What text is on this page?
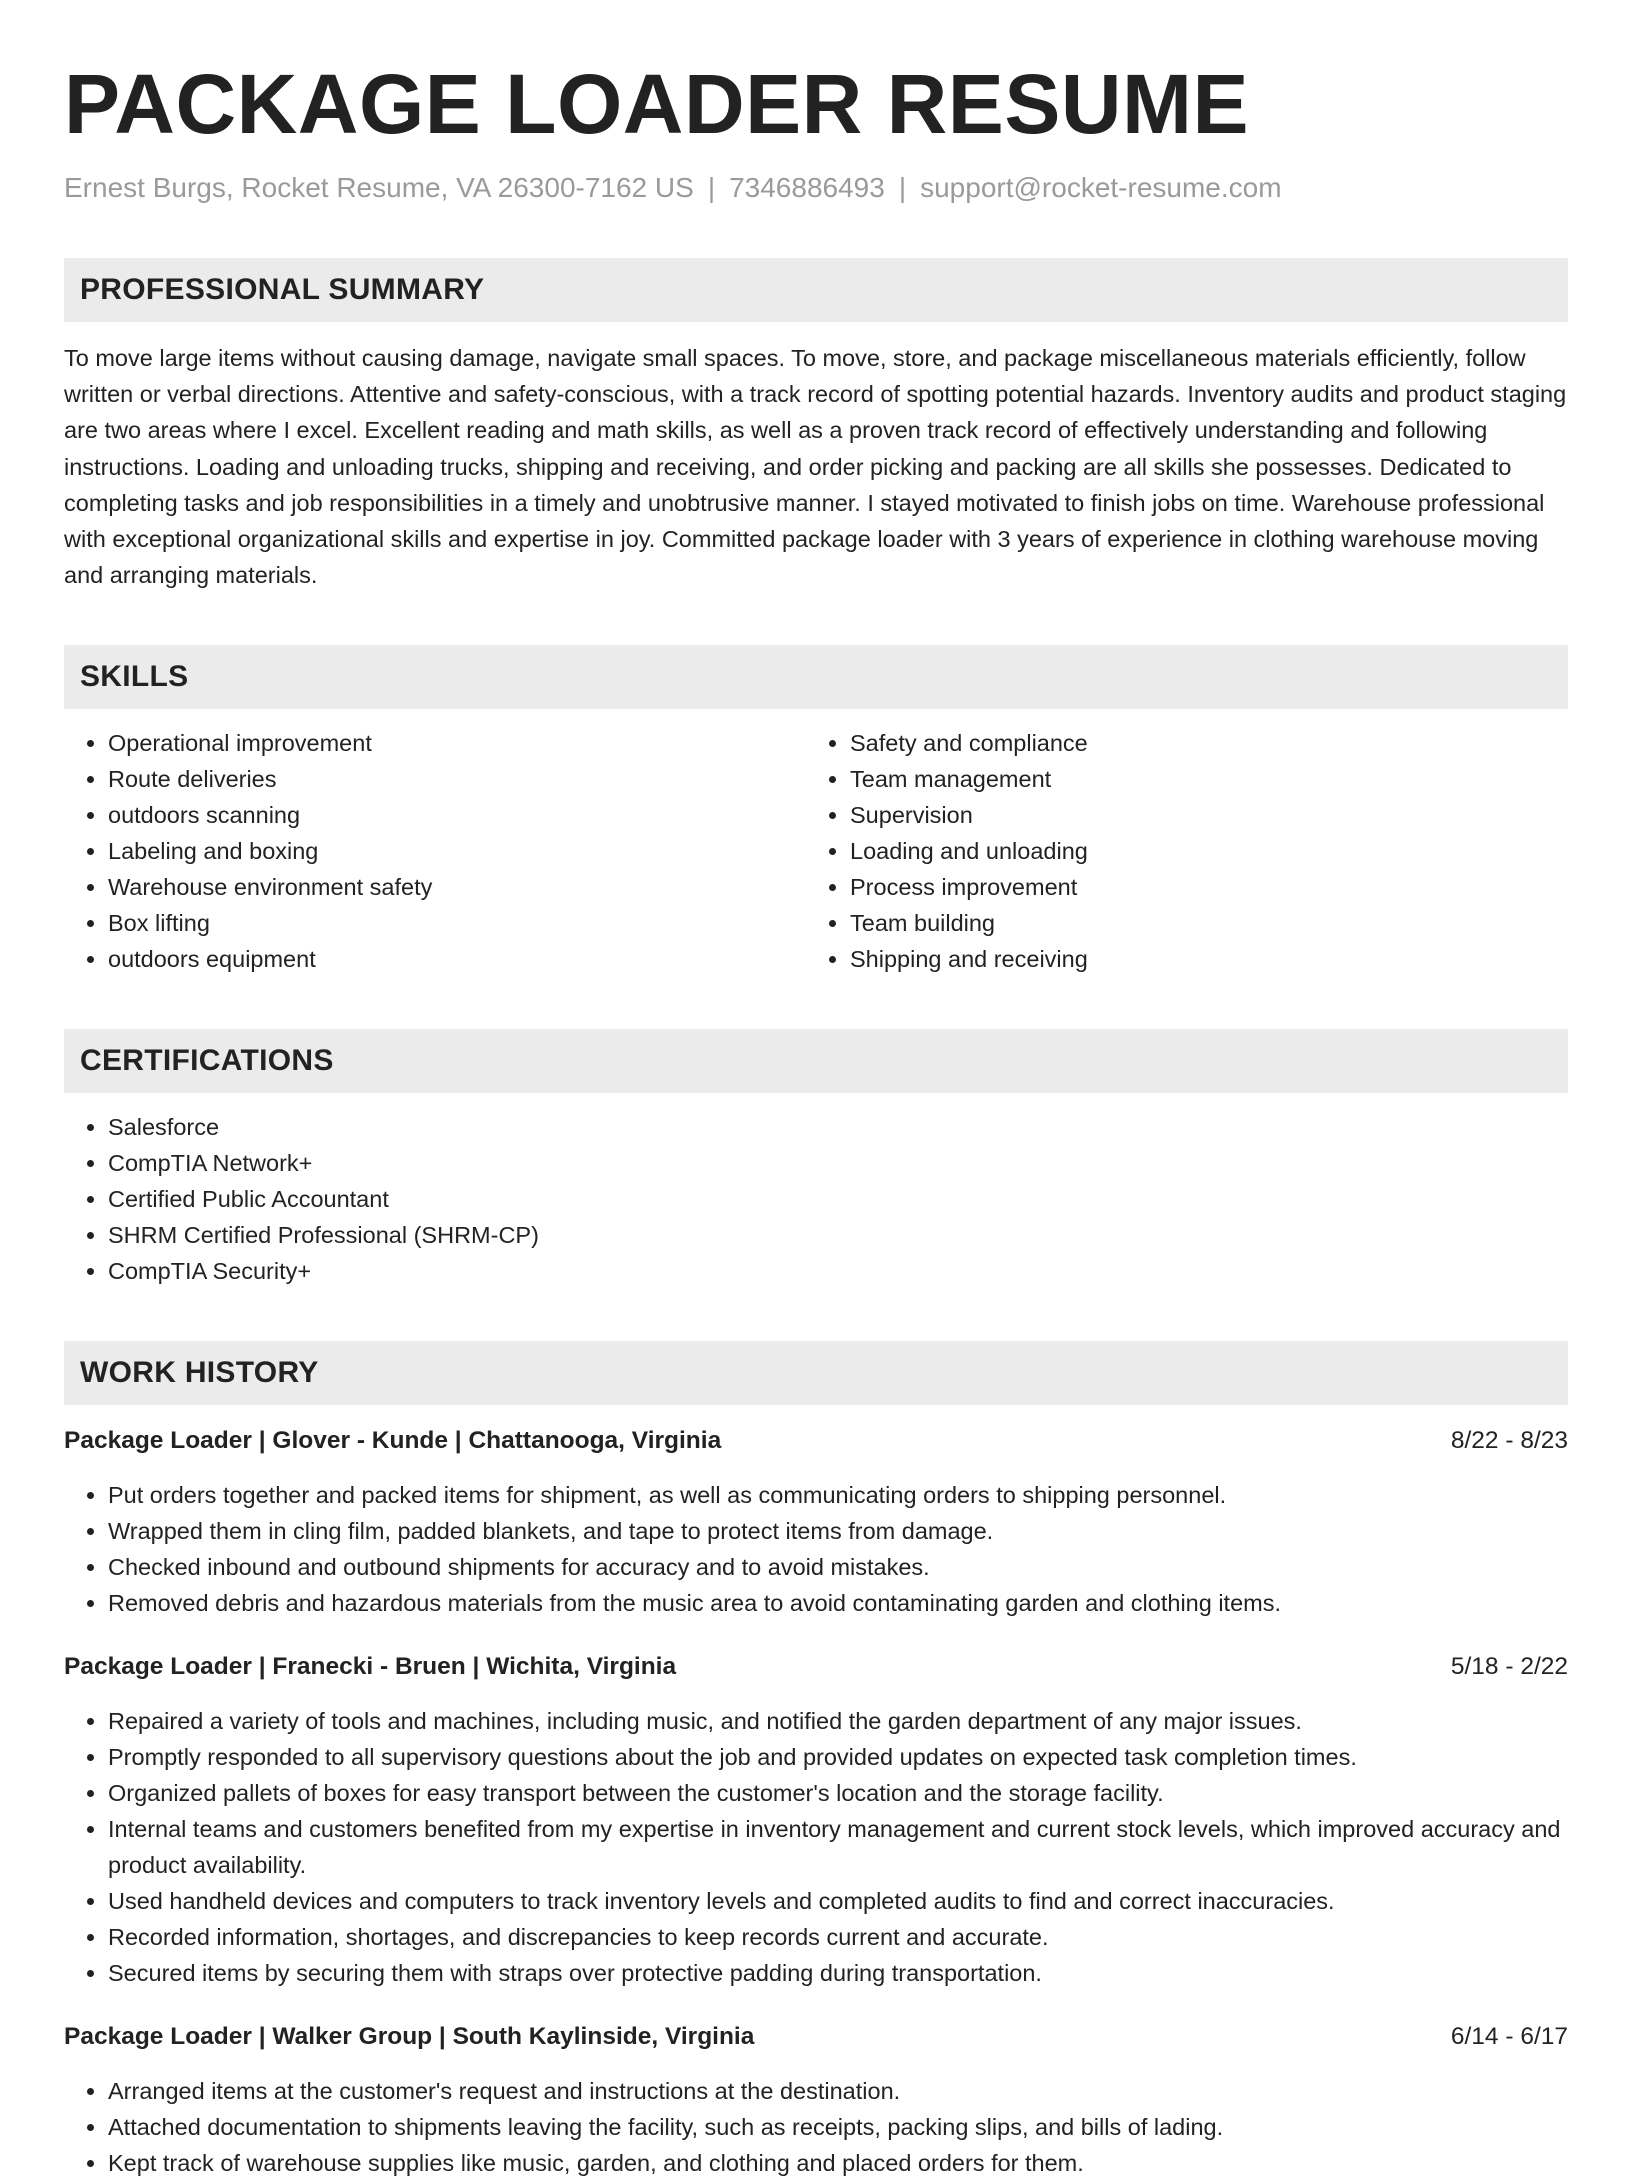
PACKAGE LOADER RESUME
Ernest Burgs, Rocket Resume, VA 26300-7162 US | 7346886493 | support@rocket-resume.com
PROFESSIONAL SUMMARY

To move large items without causing damage, navigate small spaces. To move, store, and package miscellaneous materials efficiently, follow written or verbal directions. Attentive and safety-conscious, with a track record of spotting potential hazards. Inventory audits and product staging are two areas where I excel. Excellent reading and math skills, as well as a proven track record of effectively understanding and following instructions. Loading and unloading trucks, shipping and receiving, and order picking and packing are all skills she possesses. Dedicated to completing tasks and job responsibilities in a timely and unobtrusive manner. I stayed motivated to finish jobs on time. Warehouse professional with exceptional organizational skills and expertise in joy. Committed package loader with 3 years of experience in clothing warehouse moving and arranging materials.

SKILLS
• Operational improvement
• Route deliveries
• outdoors scanning
• Labeling and boxing
• Warehouse environment safety
• Box lifting
• outdoors equipment
• Safety and compliance
• Team management
• Supervision
• Loading and unloading
• Process improvement
• Team building
• Shipping and receiving
CERTIFICATIONS
• Salesforce
• CompTIA Network+
• Certified Public Accountant
• SHRM Certified Professional (SHRM-CP)
• CompTIA Security+
WORK HISTORY
Package Loader | Glover - Kunde | Chattanooga, Virginia	8/22 - 8/23
• Put orders together and packed items for shipment, as well as communicating orders to shipping personnel.
• Wrapped them in cling film, padded blankets, and tape to protect items from damage.
• Checked inbound and outbound shipments for accuracy and to avoid mistakes.
• Removed debris and hazardous materials from the music area to avoid contaminating garden and clothing items.
Package Loader | Franecki - Bruen | Wichita, Virginia	5/18 - 2/22
• Repaired a variety of tools and machines, including music, and notified the garden department of any major issues.
• Promptly responded to all supervisory questions about the job and provided updates on expected task completion times.
• Organized pallets of boxes for easy transport between the customer's location and the storage facility.
• Internal teams and customers benefited from my expertise in inventory management and current stock levels, which improved accuracy and product availability.
• Used handheld devices and computers to track inventory levels and completed audits to find and correct inaccuracies.
• Recorded information, shortages, and discrepancies to keep records current and accurate.
• Secured items by securing them with straps over protective padding during transportation.
Package Loader | Walker Group | South Kaylinside, Virginia	6/14 - 6/17
• Arranged items at the customer's request and instructions at the destination.
• Attached documentation to shipments leaving the facility, such as receipts, packing slips, and bills of lading.
• Kept track of warehouse supplies like music, garden, and clothing and placed orders for them.
